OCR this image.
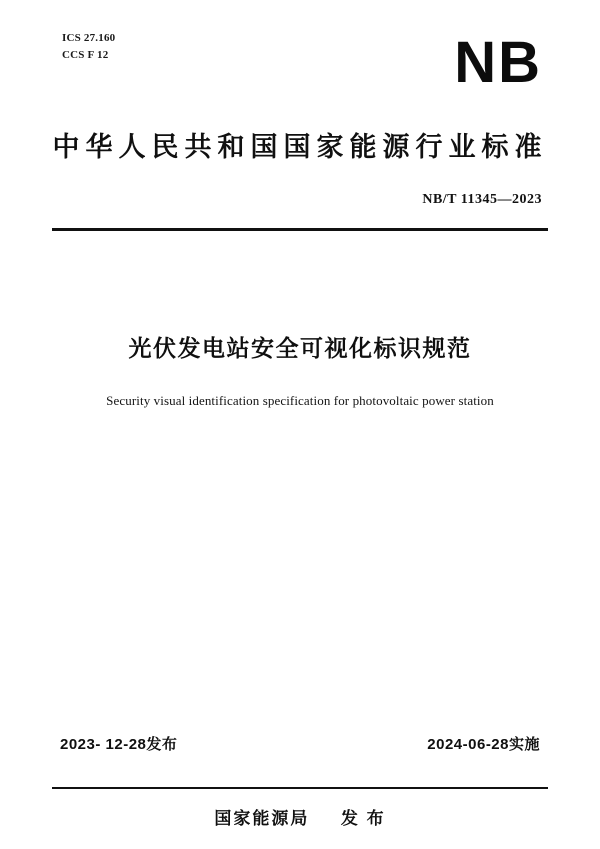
ICS 27.160
CCS F 12	NB
中华人民共和国国家能源行业标准
NB/T 11345—2023
光伏发电站安全可视化标识规范
Security visual identification specification for photovoltaic power station
2023- 12-28发布	2024-06-28实施
国家能源局 发 布
